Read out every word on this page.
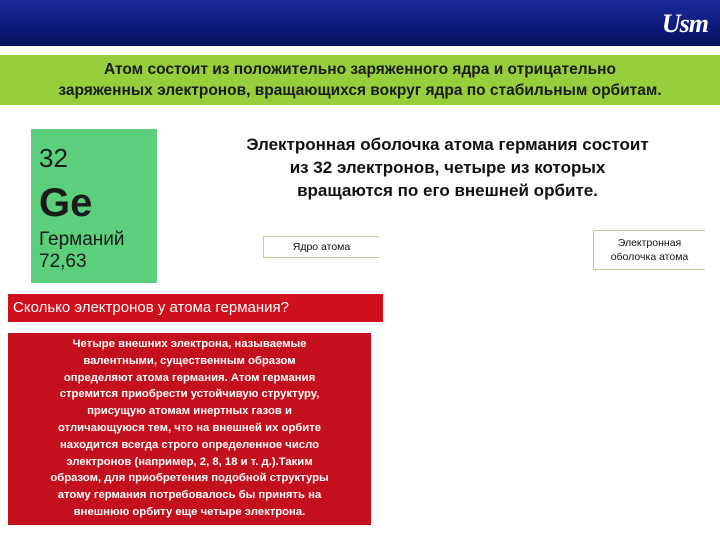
Usm
Атом состоит из положительно заряженного ядра и отрицательно
заряженных электронов, вращающихся вокруг ядра по стабильным орбитам.
32
Ge
Германий
72,63
Электронная оболочка атома германия состоит
из 32 электронов, четыре из которых
вращаются по его внешней орбите.
Ядро атома	Электронная
оболочка атома
Сколько электронов у атома германия?
Четыре внешних электрона, называемые
валентными, существенным образом
определяют атома германия. Атом германия
стремится приобрести устойчивую структуру,
присущую атомам инертных газов и
отличающуюся тем, что на внешней их орбите
находится всегда строго определенное число
электронов (например, 2, 8, 18 и т. д.).Таким
образом, для приобретения подобной структуры
атому германия потребовалось бы принять на
внешнюю орбиту еще четыре электрона.
